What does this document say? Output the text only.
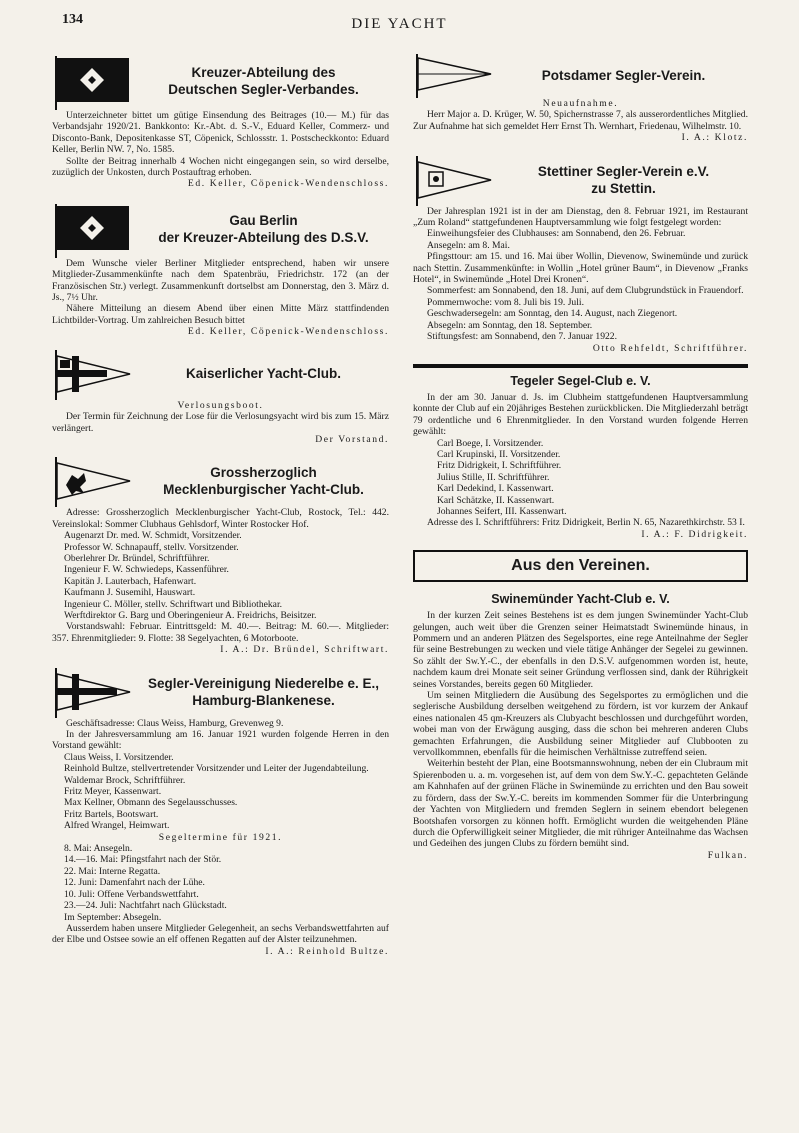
134	DIE YACHT
Kreuzer-Abteilung des
Deutschen Segler-Verbandes.

Unterzeichneter bittet um gütige Einsendung des Beitrages (10.— M.) für das Verbandsjahr 1920/21. Bankkonto: Kr.-Abt. d. S.-V., Eduard Keller, Commerz- und Disconto-Bank, Depositenkasse ST, Cöpenick, Schlossstr. 1. Postscheckkonto: Eduard Keller, Berlin NW. 7, No. 1585.

Sollte der Beitrag innerhalb 4 Wochen nicht eingegangen sein, so wird derselbe, zuzüglich der Unkosten, durch Postauftrag erhoben.

Ed. Keller, Cöpenick-Wendenschloss.

Gau Berlin
der Kreuzer-Abteilung des D.S.V.

Dem Wunsche vieler Berliner Mitglieder entsprechend, haben wir unsere Mitglieder-Zusammenkünfte nach dem Spatenbräu, Friedrichstr. 172 (an der Französischen Str.) verlegt. Zusammenkunft dortselbst am Donnerstag, den 3. März d. Js., 7½ Uhr.

Nähere Mitteilung an diesem Abend über einen Mitte März stattfindenden Lichtbilder-Vortrag. Um zahlreichen Besuch bittet

Ed. Keller, Cöpenick-Wendenschloss.

Kaiserlicher Yacht-Club.

Verlosungsboot.

Der Termin für Zeichnung der Lose für die Verlosungsyacht wird bis zum 15. März verlängert.

Der Vorstand.

Grossherzoglich
Mecklenburgischer Yacht-Club.

Adresse: Grossherzoglich Mecklenburgischer Yacht-Club, Rostock, Tel.: 442. Vereinslokal: Sommer Clubhaus Gehlsdorf, Winter Rostocker Hof.

Augenarzt Dr. med. W. Schmidt, Vorsitzender.
Professor W. Schnapauff, stellv. Vorsitzender.
Oberlehrer Dr. Bründel, Schriftführer.
Ingenieur F. W. Schwiedeps, Kassenführer.
Kapitän J. Lauterbach, Hafenwart.
Kaufmann J. Susemihl, Hauswart.
Ingenieur C. Möller, stellv. Schriftwart und Bibliothekar.
Werftdirektor G. Barg und Oberingenieur A. Freidrichs, Beisitzer.

Vorstandswahl: Februar. Eintrittsgeld: M. 40.—. Beitrag: M. 60.—. Mitglieder: 357. Ehrenmitglieder: 9. Flotte: 38 Segelyachten, 6 Motorboote.

I. A.: Dr. Bründel, Schriftwart.

Segler-Vereinigung Niederelbe e. E.,
Hamburg-Blankenese.

Geschäftsadresse: Claus Weiss, Hamburg, Grevenweg 9.

In der Jahresversammlung am 16. Januar 1921 wurden folgende Herren in den Vorstand gewählt:

Claus Weiss, I. Vorsitzender.
Reinhold Bultze, stellvertretender Vorsitzender und Leiter der Jugendabteilung.
Waldemar Brock, Schriftführer.
Fritz Meyer, Kassenwart.
Max Kellner, Obmann des Segelausschusses.
Fritz Bartels, Bootswart.
Alfred Wrangel, Heimwart.

Segeltermine für 1921.

8. Mai: Ansegeln.
14.—16. Mai: Pfingstfahrt nach der Stör.
22. Mai: Interne Regatta.
12. Juni: Damenfahrt nach der Lühe.
10. Juli: Offene Verbandswettfahrt.
23.—24. Juli: Nachtfahrt nach Glückstadt.
Im September: Absegeln.

Ausserdem haben unsere Mitglieder Gelegenheit, an sechs Verbandswettfahrten auf der Elbe und Ostsee sowie an elf offenen Regatten auf der Alster teilzunehmen.

I. A.: Reinhold Bultze.

Potsdamer Segler-Verein.

Neuaufnahme.

Herr Major a. D. Krüger, W. 50, Spichernstrasse 7, als ausserordentliches Mitglied. Zur Aufnahme hat sich gemeldet Herr Ernst Th. Wernhart, Friedenau, Wilhelmstr. 10.

I. A.: Klotz.

Stettiner Segler-Verein e.V.
zu Stettin.

Der Jahresplan 1921 ist in der am Dienstag, den 8. Februar 1921, im Restaurant „Zum Roland“ stattgefundenen Hauptversammlung wie folgt festgelegt worden:

Einweihungsfeier des Clubhauses: am Sonnabend, den 26. Februar.
Ansegeln: am 8. Mai.
Pfingsttour: am 15. und 16. Mai über Wollin, Dievenow, Swinemünde und zurück nach Stettin. Zusammenkünfte: in Wollin „Hotel grüner Baum“, in Dievenow „Franks Hotel“, in Swinemünde „Hotel Drei Kronen“.
Sommerfest: am Sonnabend, den 18. Juni, auf dem Clubgrundstück in Frauendorf.
Pommernwoche: vom 8. Juli bis 19. Juli.
Geschwadersegeln: am Sonntag, den 14. August, nach Ziegenort.
Absegeln: am Sonntag, den 18. September.
Stiftungsfest: am Sonnabend, den 7. Januar 1922.

Otto Rehfeldt, Schriftführer.

Tegeler Segel-Club e. V.

In der am 30. Januar d. Js. im Clubheim stattgefundenen Hauptversammlung konnte der Club auf ein 20jähriges Bestehen zurückblicken. Die Mitgliederzahl beträgt 79 ordentliche und 6 Ehrenmitglieder. In den Vorstand wurden folgende Herren gewählt:

Carl Boege, I. Vorsitzender.
Carl Krupinski, II. Vorsitzender.
Fritz Didrigkeit, I. Schriftführer.
Julius Stille, II. Schriftführer.
Karl Dedekind, I. Kassenwart.
Karl Schätzke, II. Kassenwart.
Johannes Seifert, III. Kassenwart.

Adresse des I. Schriftführers: Fritz Didrigkeit, Berlin N. 65, Nazarethkirchstr. 53 I.

I. A.: F. Didrigkeit.

Aus den Vereinen.
Swinemünder Yacht-Club e. V.

In der kurzen Zeit seines Bestehens ist es dem jungen Swinemünder Yacht-Club gelungen, auch weit über die Grenzen seiner Heimatstadt Swinemünde hinaus, in Pommern und an anderen Plätzen des Segelsportes, eine rege Anteilnahme der Segler für seine Bestrebungen zu wecken und viele tätige Anhänger der Segelei zu gewinnen. So zählt der Sw.Y.-C., der ebenfalls in den D.S.V. aufgenommen worden ist, heute, nachdem kaum drei Monate seit seiner Gründung verflossen sind, dank der Rührigkeit seines Vorstandes, bereits gegen 60 Mitglieder.

Um seinen Mitgliedern die Ausübung des Segelsportes zu ermöglichen und die seglerische Ausbildung derselben weitgehend zu fördern, ist vor kurzem der Ankauf eines nationalen 45 qm-Kreuzers als Clubyacht beschlossen und durchgeführt worden, wobei man von der Erwägung ausging, dass die schon bei mehreren anderen Clubs gemachten Erfahrungen, die Ausbildung seiner Mitglieder auf Clubbooten zu vervollkommnen, ebenfalls für die heimischen Verhältnisse zutreffend seien.

Weiterhin besteht der Plan, eine Bootsmannswohnung, neben der ein Clubraum mit Spierenboden u. a. m. vorgesehen ist, auf dem von dem Sw.Y.-C. gepachteten Gelände am Kahnhafen auf der grünen Fläche in Swinemünde zu errichten und den Bau soweit zu fördern, dass der Sw.Y.-C. bereits im kommenden Sommer für die Unterbringung der Yachten von Mitgliedern und fremden Seglern in seinem ebendort belegenen Bootshafen vorsorgen zu können hofft. Ermöglicht wurden die weitgehenden Pläne durch die Opferwilligkeit seiner Mitglieder, die mit rühriger Anteilnahme das Wachsen und Gedeihen des jungen Clubs zu fördern bemüht sind.

Fulkan.
